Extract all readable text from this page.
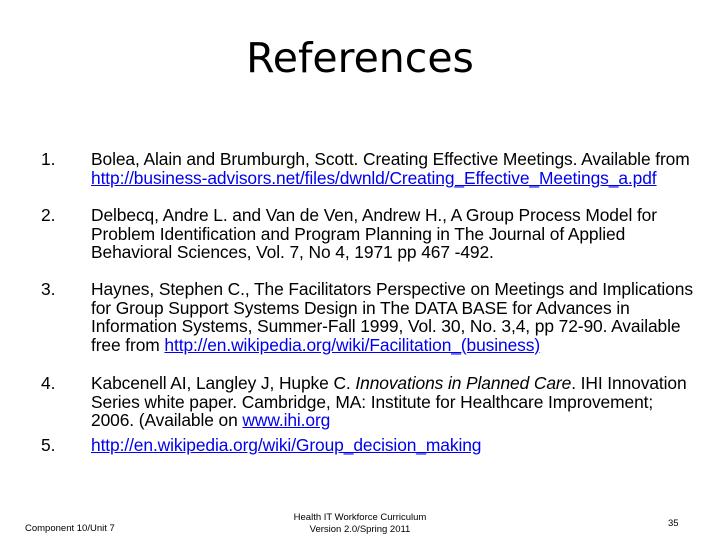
References
1. Bolea, Alain and Brumburgh, Scott. Creating Effective Meetings. Available from http://business-advisors.net/files/dwnld/Creating_Effective_Meetings_a.pdf
2. Delbecq, Andre L. and Van de Ven, Andrew H., A Group Process Model for Problem Identification and Program Planning in The Journal of Applied Behavioral Sciences, Vol. 7, No 4, 1971 pp 467 -492.
3. Haynes, Stephen C., The Facilitators Perspective on Meetings and Implications for Group Support Systems Design in The DATA BASE for Advances in Information Systems, Summer-Fall 1999, Vol. 30, No. 3,4, pp 72-90. Available free from http://en.wikipedia.org/wiki/Facilitation_(business)
4. Kabcenell AI, Langley J, Hupke C. Innovations in Planned Care. IHI Innovation Series white paper. Cambridge, MA: Institute for Healthcare Improvement; 2006. (Available on www.ihi.org
5. http://en.wikipedia.org/wiki/Group_decision_making
Component 10/Unit 7
Health IT Workforce Curriculum
Version 2.0/Spring 2011
35
